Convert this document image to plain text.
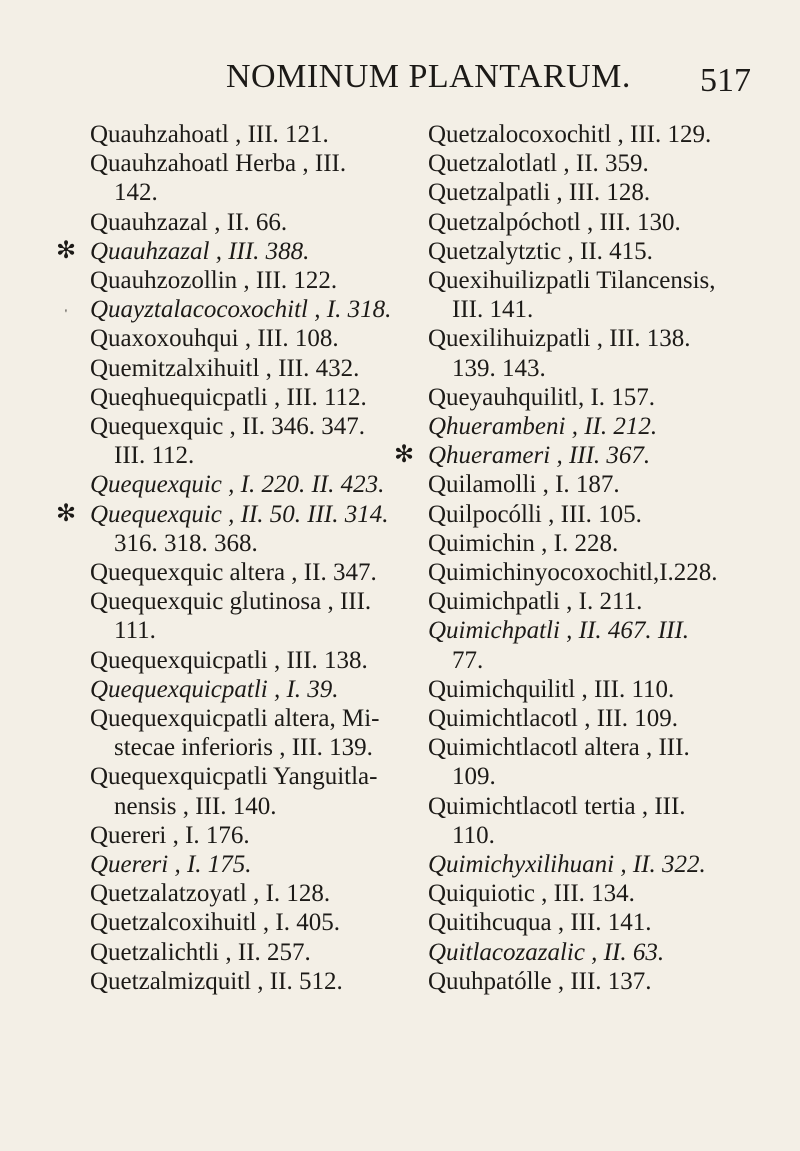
NOMINUM PLANTARUM. 517
Quauhzahoatl , III. 121.
Quauhzahoatl Herba , III.
142.
Quauhzazal , II. 66.
✻ Quauhzazal , III. 388.
Quauhzozollin , III. 122.
' Quayztalacocoxochitl , I. 318.
Quaxoxouhqui , III. 108.
Quemitzalxihuitl , III. 432.
Queqhuequicpatli , III. 112.
Quequexquic , II. 346. 347.
III. 112.
Quequexquic , I. 220. II. 423.
✻ Quequexquic , II. 50. III. 314.
316. 318. 368.
Quequexquic altera , II. 347.
Quequexquic glutinosa , III.
111.
Quequexquicpatli , III. 138.
Quequexquicpatli , I. 39.
Quequexquicpatli altera, Mi-
stecae inferioris , III. 139.
Quequexquicpatli Yanguitla-
nensis , III. 140.
Quereri , I. 176.
Quereri , I. 175.
Quetzalatzoyatl , I. 128.
Quetzalcoxihuitl , I. 405.
Quetzalichtli , II. 257.
Quetzalmizquitl , II. 512.
Quetzalocoxochitl , III. 129.
Quetzalotlatl , II. 359.
Quetzalpatli , III. 128.
Quetzalpóchotl , III. 130.
Quetzalytztic , II. 415.
Quexihuilizpatli Tilancensis,
III. 141.
Quexilihuizpatli , III. 138.
139. 143.
Queyauhquilitl, I. 157.
Qhuerambeni , II. 212.
✻ Qhuerameri , III. 367.
Quilamolli , I. 187.
Quilpocólli , III. 105.
Quimichin , I. 228.
Quimichinyocoxochitl,I.228.
Quimichpatli , I. 211.
Quimichpatli , II. 467. III.
77.
Quimichquilitl , III. 110.
Quimichtlacotl , III. 109.
Quimichtlacotl altera , III.
109.
Quimichtlacotl tertia , III.
110.
Quimichyxilihuani , II. 322.
Quiquiotic , III. 134.
Quitihcuqua , III. 141.
Quitlacozazalic , II. 63.
Quuhpatólle , III. 137.
